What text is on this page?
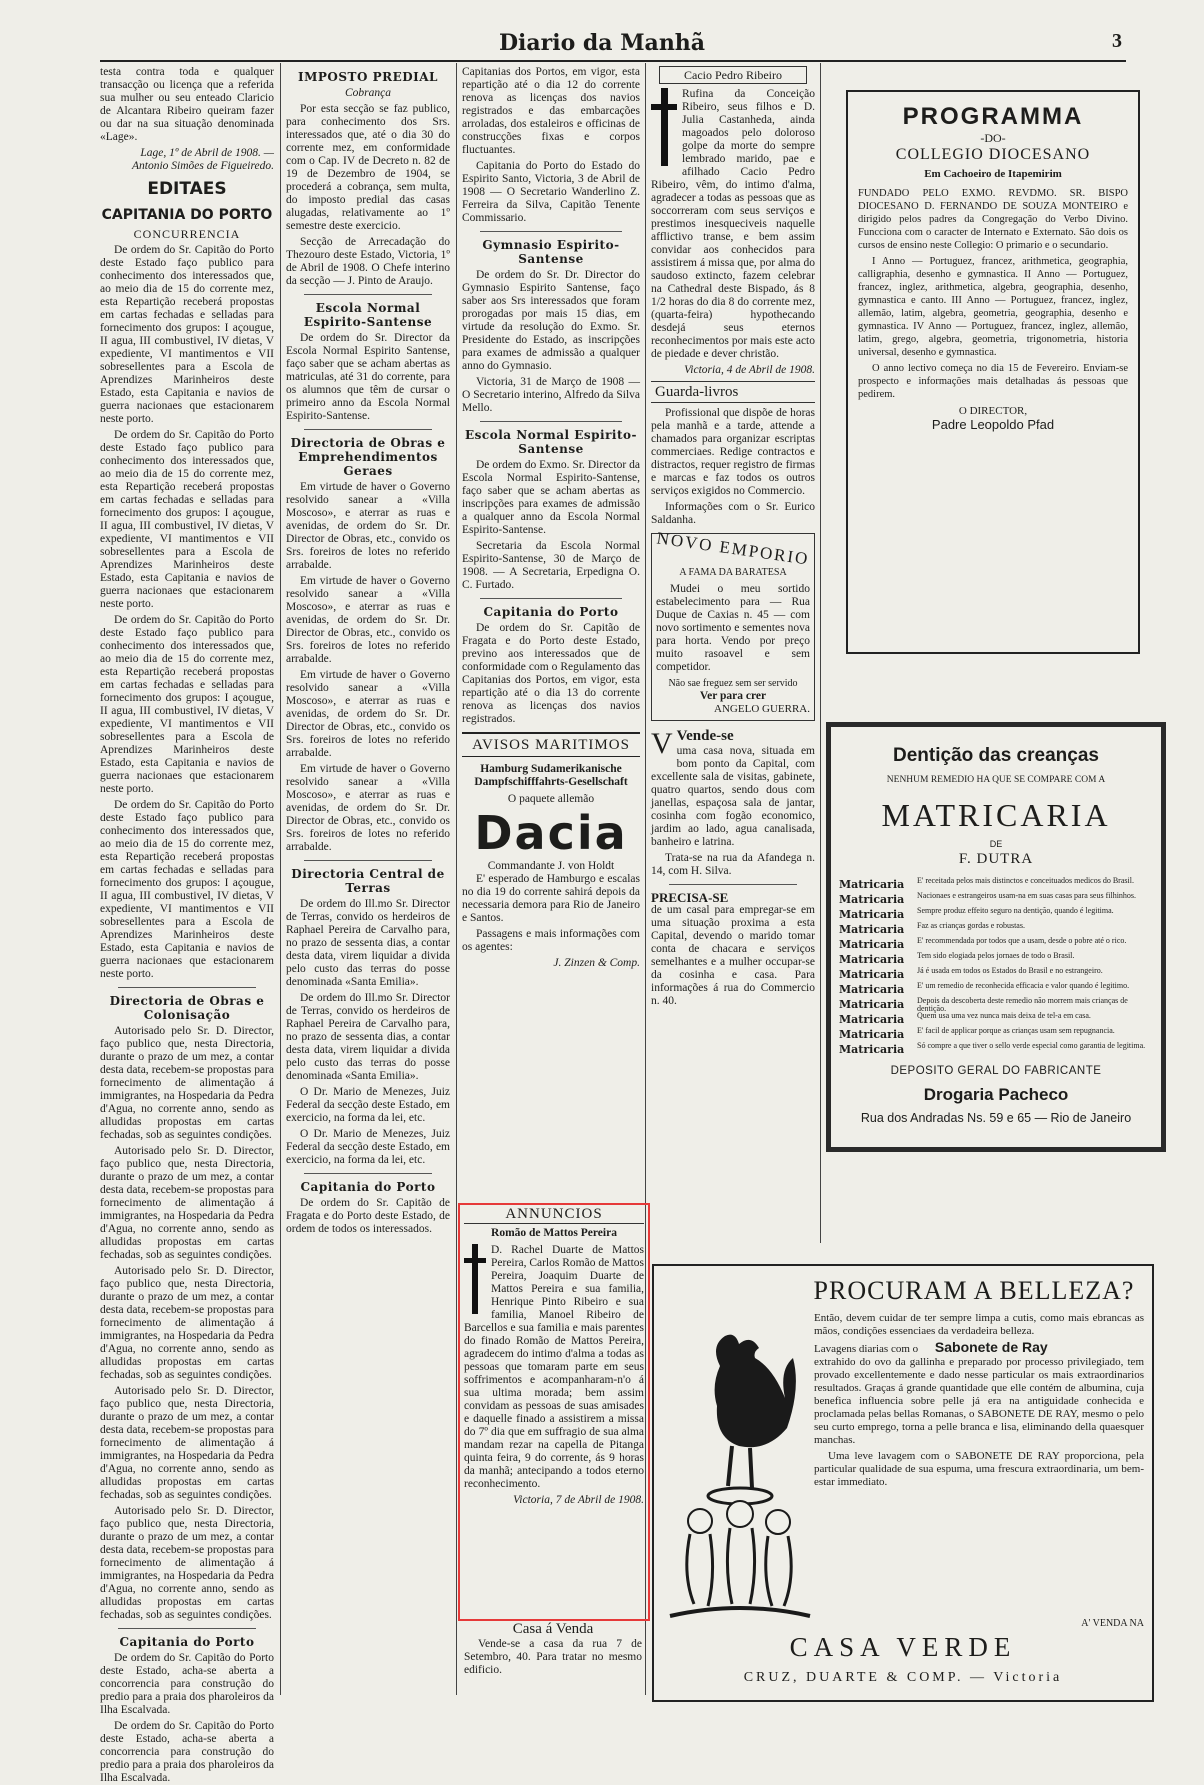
Diario da Manhã	3

testa contra toda e qualquer transacção ou licença que a referida sua mulher ou seu enteado Claricio de Alcantara Ribeiro queiram fazer ou dar na sua situação denominada «Lage».

Lage, 1º de Abril de 1908. — Antonio Simões de Figueiredo.

EDITAES
CAPITANIA DO PORTO
CONCURRENCIA

De ordem do Sr. Capitão do Porto deste Estado faço publico para conhecimento dos interessados que, ao meio dia de 15 do corrente mez, esta Repartição receberá propostas em cartas fechadas e selladas para fornecimento dos grupos: I açougue, II agua, III combustivel, IV dietas, V expediente, VI mantimentos e VII sobresellentes para a Escola de Aprendizes Marinheiros deste Estado, esta Capitania e navios de guerra nacionaes que estacionarem neste porto.

De ordem do Sr. Capitão do Porto deste Estado faço publico para conhecimento dos interessados que, ao meio dia de 15 do corrente mez, esta Repartição receberá propostas em cartas fechadas e selladas para fornecimento dos grupos: I açougue, II agua, III combustivel, IV dietas, V expediente, VI mantimentos e VII sobresellentes para a Escola de Aprendizes Marinheiros deste Estado, esta Capitania e navios de guerra nacionaes que estacionarem neste porto.

De ordem do Sr. Capitão do Porto deste Estado faço publico para conhecimento dos interessados que, ao meio dia de 15 do corrente mez, esta Repartição receberá propostas em cartas fechadas e selladas para fornecimento dos grupos: I açougue, II agua, III combustivel, IV dietas, V expediente, VI mantimentos e VII sobresellentes para a Escola de Aprendizes Marinheiros deste Estado, esta Capitania e navios de guerra nacionaes que estacionarem neste porto.

De ordem do Sr. Capitão do Porto deste Estado faço publico para conhecimento dos interessados que, ao meio dia de 15 do corrente mez, esta Repartição receberá propostas em cartas fechadas e selladas para fornecimento dos grupos: I açougue, II agua, III combustivel, IV dietas, V expediente, VI mantimentos e VII sobresellentes para a Escola de Aprendizes Marinheiros deste Estado, esta Capitania e navios de guerra nacionaes que estacionarem neste porto.

Directoria de Obras e Colonisação

Autorisado pelo Sr. D. Director, faço publico que, nesta Directoria, durante o prazo de um mez, a contar desta data, recebem-se propostas para fornecimento de alimentação á immigrantes, na Hospedaria da Pedra d'Agua, no corrente anno, sendo as alludidas propostas em cartas fechadas, sob as seguintes condições.

Autorisado pelo Sr. D. Director, faço publico que, nesta Directoria, durante o prazo de um mez, a contar desta data, recebem-se propostas para fornecimento de alimentação á immigrantes, na Hospedaria da Pedra d'Agua, no corrente anno, sendo as alludidas propostas em cartas fechadas, sob as seguintes condições.

Autorisado pelo Sr. D. Director, faço publico que, nesta Directoria, durante o prazo de um mez, a contar desta data, recebem-se propostas para fornecimento de alimentação á immigrantes, na Hospedaria da Pedra d'Agua, no corrente anno, sendo as alludidas propostas em cartas fechadas, sob as seguintes condições.

Autorisado pelo Sr. D. Director, faço publico que, nesta Directoria, durante o prazo de um mez, a contar desta data, recebem-se propostas para fornecimento de alimentação á immigrantes, na Hospedaria da Pedra d'Agua, no corrente anno, sendo as alludidas propostas em cartas fechadas, sob as seguintes condições.

Autorisado pelo Sr. D. Director, faço publico que, nesta Directoria, durante o prazo de um mez, a contar desta data, recebem-se propostas para fornecimento de alimentação á immigrantes, na Hospedaria da Pedra d'Agua, no corrente anno, sendo as alludidas propostas em cartas fechadas, sob as seguintes condições.

Capitania do Porto

De ordem do Sr. Capitão do Porto deste Estado, acha-se aberta a concorrencia para construção do predio para a praia dos pharoleiros da Ilha Escalvada.

De ordem do Sr. Capitão do Porto deste Estado, acha-se aberta a concorrencia para construção do predio para a praia dos pharoleiros da Ilha Escalvada.

IMPOSTO PREDIAL
Cobrança

Por esta secção se faz publico, para conhecimento dos Srs. interessados que, até o dia 30 do corrente mez, em conformidade com o Cap. IV de Decreto n. 82 de 19 de Dezembro de 1904, se procederá a cobrança, sem multa, do imposto predial das casas alugadas, relativamente ao 1º semestre deste exercicio.

Secção de Arrecadação do Thezouro deste Estado, Victoria, 1º de Abril de 1908. O Chefe interino da secção — J. Pinto de Araujo.

Escola Normal Espirito-Santense

De ordem do Sr. Director da Escola Normal Espirito Santense, faço saber que se acham abertas as matriculas, até 31 do corrente, para os alumnos que têm de cursar o primeiro anno da Escola Normal Espirito-Santense.

Directoria de Obras e Emprehendimentos Geraes

Em virtude de haver o Governo resolvido sanear a «Villa Moscoso», e aterrar as ruas e avenidas, de ordem do Sr. Dr. Director de Obras, etc., convido os Srs. foreiros de lotes no referido arrabalde.

Em virtude de haver o Governo resolvido sanear a «Villa Moscoso», e aterrar as ruas e avenidas, de ordem do Sr. Dr. Director de Obras, etc., convido os Srs. foreiros de lotes no referido arrabalde.

Em virtude de haver o Governo resolvido sanear a «Villa Moscoso», e aterrar as ruas e avenidas, de ordem do Sr. Dr. Director de Obras, etc., convido os Srs. foreiros de lotes no referido arrabalde.

Em virtude de haver o Governo resolvido sanear a «Villa Moscoso», e aterrar as ruas e avenidas, de ordem do Sr. Dr. Director de Obras, etc., convido os Srs. foreiros de lotes no referido arrabalde.

Directoria Central de Terras

De ordem do Ill.mo Sr. Director de Terras, convido os herdeiros de Raphael Pereira de Carvalho para, no prazo de sessenta dias, a contar desta data, virem liquidar a divida pelo custo das terras do posse denominada «Santa Emilia».

De ordem do Ill.mo Sr. Director de Terras, convido os herdeiros de Raphael Pereira de Carvalho para, no prazo de sessenta dias, a contar desta data, virem liquidar a divida pelo custo das terras do posse denominada «Santa Emilia».

O Dr. Mario de Menezes, Juiz Federal da secção deste Estado, em exercicio, na forma da lei, etc.

O Dr. Mario de Menezes, Juiz Federal da secção deste Estado, em exercicio, na forma da lei, etc.

Capitania do Porto

De ordem do Sr. Capitão de Fragata e do Porto deste Estado, de ordem de todos os interessados.

Capitanias dos Portos, em vigor, esta repartição até o dia 12 do corrente renova as licenças dos navios registrados e das embarcações arroladas, dos estaleiros e officinas de construcções fixas e corpos fluctuantes.

Capitania do Porto do Estado do Espirito Santo, Victoria, 3 de Abril de 1908 — O Secretario Wanderlino Z. Ferreira da Silva, Capitão Tenente Commissario.

Gymnasio Espirito-Santense

De ordem do Sr. Dr. Director do Gymnasio Espirito Santense, faço saber aos Srs interessados que foram prorogadas por mais 15 dias, em virtude da resolução do Exmo. Sr. Presidente do Estado, as inscripções para exames de admissão a qualquer anno do Gymnasio.

Victoria, 31 de Março de 1908 — O Secretario interino, Alfredo da Silva Mello.

Escola Normal Espirito-Santense

De ordem do Exmo. Sr. Director da Escola Normal Espirito-Santense, faço saber que se acham abertas as inscripções para exames de admissão a qualquer anno da Escola Normal Espirito-Santense.

Secretaria da Escola Normal Espirito-Santense, 30 de Março de 1908. — A Secretaria, Erpedigna O. C. Furtado.

Capitania do Porto

De ordem do Sr. Capitão de Fragata e do Porto deste Estado, previno aos interessados que de conformidade com o Regulamento das Capitanias dos Portos, em vigor, esta repartição até o dia 13 do corrente renova as licenças dos navios registrados.

AVISOS MARITIMOS
Hamburg Sudamerikanische Dampfschifffahrts-Gesellschaft
O paquete allemão
Dacia
Commandante J. von Holdt

E' esperado de Hamburgo e escalas no dia 19 do corrente sahirá depois da necessaria demora para Rio de Janeiro e Santos.

Passagens e mais informações com os agentes:

J. Zinzen & Comp.

ANNUNCIOS
Romão de Mattos Pereira

D. Rachel Duarte de Mattos Pereira, Carlos Romão de Mattos Pereira, Joaquim Duarte de Mattos Pereira e sua familia, Henrique Pinto Ribeiro e sua familia, Manoel Ribeiro de Barcellos e sua familia e mais parentes do finado Romão de Mattos Pereira, agradecem do intimo d'alma a todas as pessoas que tomaram parte em seus soffrimentos e acompanharam-n'o á sua ultima morada; bem assim convidam as pessoas de suas amisades e daquelle finado a assistirem a missa do 7º dia que em suffragio de sua alma mandam rezar na capella de Pitanga quinta feira, 9 do corrente, ás 9 horas da manhã; antecipando a todos eterno reconhecimento.

Victoria, 7 de Abril de 1908.

Casa á Venda

Vende-se a casa da rua 7 de Setembro, 40. Para tratar no mesmo edificio.

Cacio Pedro Ribeiro

Rufina da Conceição Ribeiro, seus filhos e D. Julia Castanheda, ainda magoados pelo doloroso golpe da morte do sempre lembrado marido, pae e afilhado Cacio Pedro Ribeiro, vêm, do intimo d'alma, agradecer a todas as pessoas que as soccorreram com seus serviços e prestimos inesqueciveis naquelle afflictivo transe, e bem assim convidar aos conhecidos para assistirem á missa que, por alma do saudoso extincto, fazem celebrar na Cathedral deste Bispado, ás 8 1/2 horas do dia 8 do corrente mez, (quarta-feira) hypothecando desdejá seus eternos reconhecimentos por mais este acto de piedade e dever christão.

Victoria, 4 de Abril de 1908.

Guarda-livros

Profissional que dispõe de horas pela manhã e a tarde, attende a chamados para organizar escriptas commerciaes. Redige contractos e distractos, requer registro de firmas e marcas e faz todos os outros serviços exigidos no Commercio.

Informações com o Sr. Eurico Saldanha.

NOVO EMPORIO
A FAMA DA BARATESA

Mudei o meu sortido estabelecimento para — Rua Duque de Caxias n. 45 — com novo sortimento e sementes nova para horta. Vendo por preço muito rasoavel e sem competidor.

Não sae freguez sem ser servido
Ver para crer
ANGELO GUERRA.
V Vende-se

uma casa nova, situada em bom ponto da Capital, com excellente sala de visitas, gabinete, quatro quartos, sendo dous com janellas, espaçosa sala de jantar, cosinha com fogão economico, jardim ao lado, agua canalisada, banheiro e latrina.

Trata-se na rua da Afandega n. 14, com H. Silva.

PRECISA-SE

de um casal para empregar-se em uma situação proxima a esta Capital, devendo o marido tomar conta de chacara e serviços semelhantes e a mulher occupar-se da cosinha e casa. Para informações á rua do Commercio n. 40.

PROGRAMMA
-DO-
COLLEGIO DIOCESANO
Em Cachoeiro de Itapemirim

FUNDADO PELO EXMO. REVDMO. SR. BISPO DIOCESANO D. FERNANDO DE SOUZA MONTEIRO e dirigido pelos padres da Congregação do Verbo Divino. Funcciona com o caracter de Internato e Externato. São dois os cursos de ensino neste Collegio: O primario e o secundario.

I Anno — Portuguez, francez, arithmetica, geographia, calligraphia, desenho e gymnastica. II Anno — Portuguez, francez, inglez, arithmetica, algebra, geographia, desenho, gymnastica e canto. III Anno — Portuguez, francez, inglez, allemão, latim, algebra, geometria, geographia, desenho e gymnastica. IV Anno — Portuguez, francez, inglez, allemão, latim, grego, algebra, geometria, trigonometria, historia universal, desenho e gymnastica.

O anno lectivo começa no dia 15 de Fevereiro. Enviam-se prospecto e informações mais detalhadas ás pessoas que pedirem.

O DIRECTOR,
Padre Leopoldo Pfad
Dentição das creanças
NENHUM REMEDIO HA QUE SE COMPARE COM A
MATRICARIA
DE
F. DUTRA
Matricaria	E' receitada pelos mais distinctos e conceituados medicos do Brasil.
Matricaria	Nacionaes e estrangeiros usam-na em suas casas para seus filhinhos.
Matricaria	Sempre produz effeito seguro na dentição, quando é legitima.
Matricaria	Faz as crianças gordas e robustas.
Matricaria	E' recommendada por todos que a usam, desde o pobre até o rico.
Matricaria	Tem sido elogiada pelos jornaes de todo o Brasil.
Matricaria	Já é usada em todos os Estados do Brasil e no estrangeiro.
Matricaria	E' um remedio de reconhecida efficacia e valor quando é legitimo.
Matricaria	Depois da descoberta deste remedio não morrem mais crianças de dentição.
Matricaria	Quem usa uma vez nunca mais deixa de tel-a em casa.
Matricaria	E' facil de applicar porque as crianças usam sem repugnancia.
Matricaria	Só compre a que tiver o sello verde especial como garantia de legitima.
DEPOSITO GERAL DO FABRICANTE
Drogaria Pacheco
Rua dos Andradas Ns. 59 e 65 — Rio de Janeiro
PROCURAM A BELLEZA?

Então, devem cuidar de ter sempre limpa a cutis, como mais ebrancas as mãos, condições essenciaes da verdadeira belleza.

Lavagens diarias com o Sabonete de Ray

extrahido do ovo da gallinha e preparado por processo privilegiado, tem provado excellentemente e dado nesse particular os mais extraordinarios resultados. Graças á grande quantidade que elle contém de albumina, cuja benefica influencia sobre pelle já era na antiguidade conhecida e proclamada pelas bellas Romanas, o SABONETE DE RAY, mesmo o pelo seu curto emprego, torna a pelle branca e lisa, eliminando della quaesquer manchas.

Uma leve lavagem com o SABONETE DE RAY proporciona, pela particular qualidade de sua espuma, uma frescura extraordinaria, um bem-estar immediato.

A' VENDA NA
CASA VERDE
CRUZ, DUARTE & COMP. — Victoria
